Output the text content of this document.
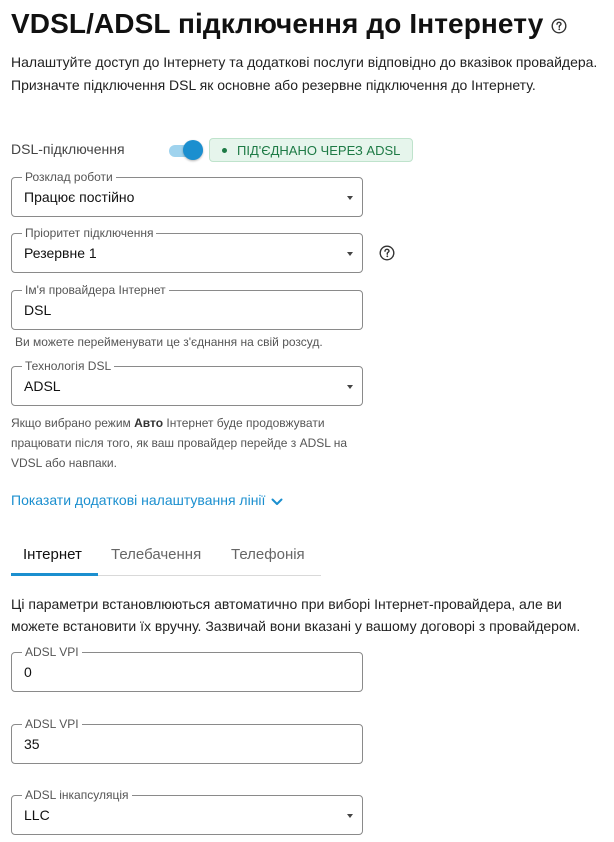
VDSL/ADSL підключення до Інтернету
Налаштуйте доступ до Інтернету та додаткові послуги відповідно до вказівок провайдера.
Призначте підключення DSL як основне або резервне підключення до Інтернету.
DSL-підключення	ПІД'ЄДНАНО ЧЕРЕЗ ADSL
Розклад роботи
Працює постійно
Пріоритет підключення
Резервне 1
Ім'я провайдера Інтернет
DSL
Ви можете перейменувати це з'єднання на свій розсуд.
Технологія DSL
ADSL
Якщо вибрано режим Авто Інтернет буде продовжувати
працювати після того, як ваш провайдер перейде з ADSL на
VDSL або навпаки.
Показати додаткові налаштування лінії
Інтернет Телебачення Телефонія
Ці параметри встановлюються автоматично при виборі Інтернет-провайдера, але ви
можете встановити їх вручну. Зазвичай вони вказані у вашому договорі з провайдером.
ADSL VPI
0
ADSL VPI
35
ADSL інкапсуляція
LLC
